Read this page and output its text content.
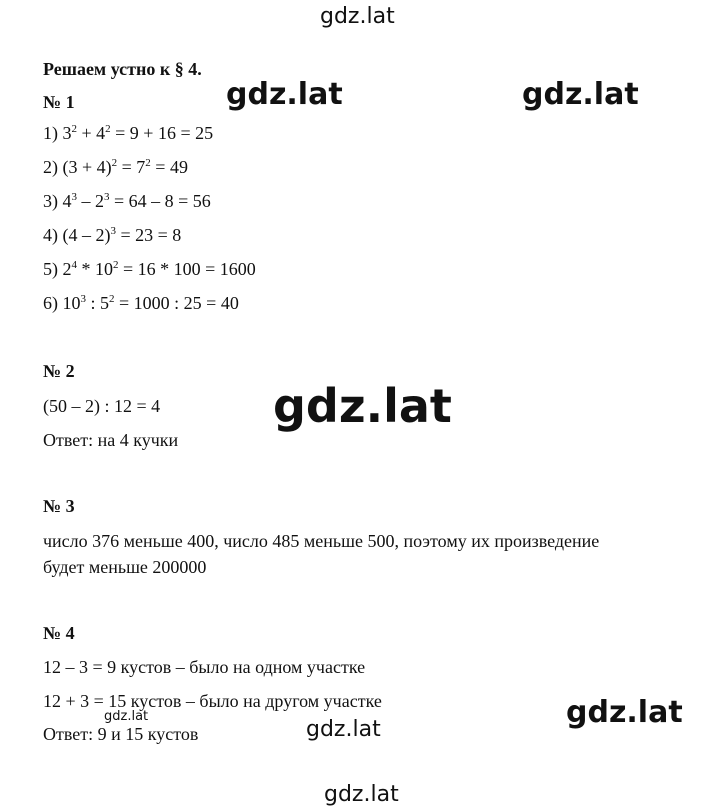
gdz.lat
Решаем устно к § 4.
№ 1
1) $3^2 + 4^2 = 9 + 16 = 25$
2) $(3 + 4)^2 = 7^2 = 49$
3) $4^3 - 2^3 = 64 - 8 = 56$
4) (4 – 2)$^3$ = 23 = 8
5) $2^4 * 10^2 = 16 * 100 = 1600$
6) $10^3$ : $5^2 = 1000$ : 25 = 40
№ 2
(50 – 2) : 12 = 4
Ответ: на 4 кучки
№ 3
число 376 меньше 400, число 485 меньше 500, поэтому их произведение
будет меньше 200000
№ 4
12 – 3 = 9 кустов – было на одном участке
12 + 3 = 15 кустов – было на другом участке
Ответ: 9 и 15 кустов
gdz.lat	gdz.lat
gdz.lat
gdz.lat
gdz.lat
gdz.lat
gdz.lat
